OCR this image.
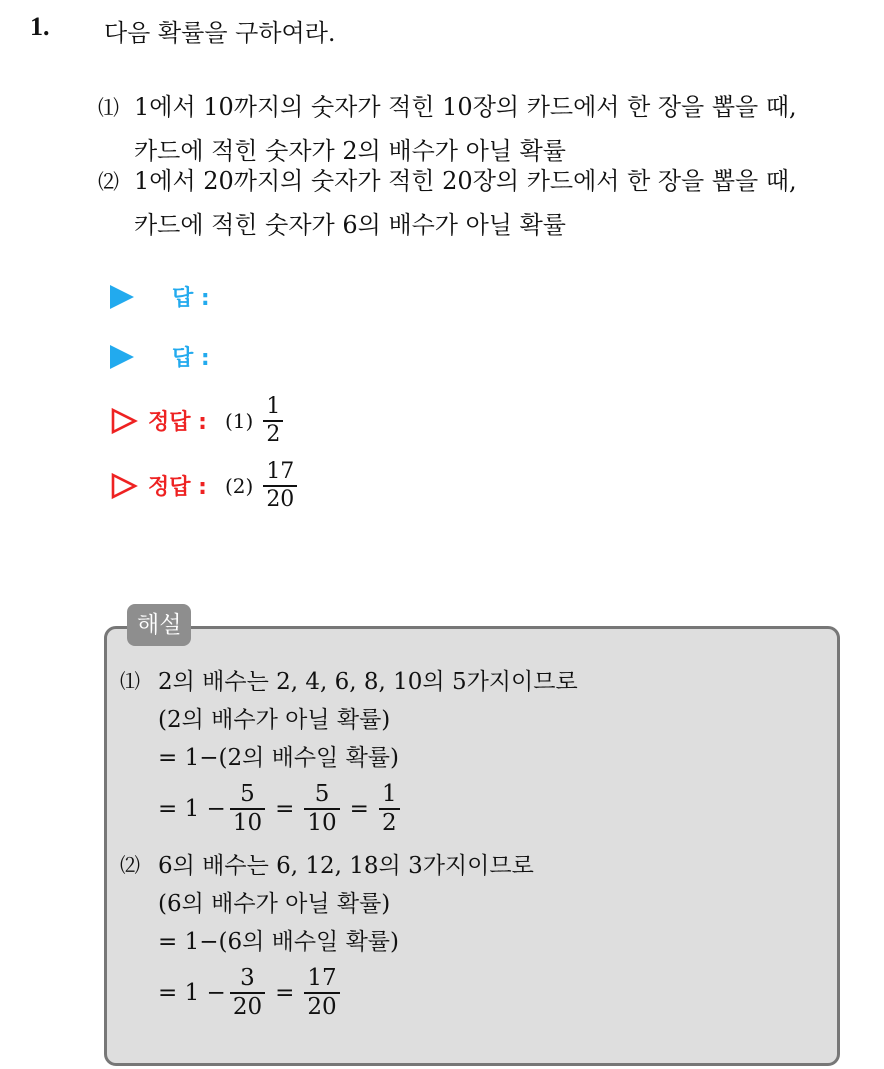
1. 다음 확률을 구하여라.
⑴ 1에서 10까지의 숫자가 적힌 10장의 카드에서 한 장을 뽑을 때,
카드에 적힌 숫자가 2의 배수가 아닐 확률
⑵ 1에서 20까지의 숫자가 적힌 20장의 카드에서 한 장을 뽑을 때,
카드에 적힌 숫자가 6의 배수가 아닐 확률
답 :
답 :
정답 : $(1) \frac{1}{2}$
정답 : $(2) \frac{17}{20}$
해설
⑴ 2의 배수는 2, 4, 6, 8, 10의 5가지이므로
(2의 배수가 아닐 확률)
= 1−(2의 배수일 확률)
= $1 - \frac{5}{10} = \frac{5}{10} = \frac{1}{2}$
⑵ 6의 배수는 6, 12, 18의 3가지이므로
(6의 배수가 아닐 확률)
= 1−(6의 배수일 확률)
= $1 - \frac{3}{20} = \frac{17}{20}$
